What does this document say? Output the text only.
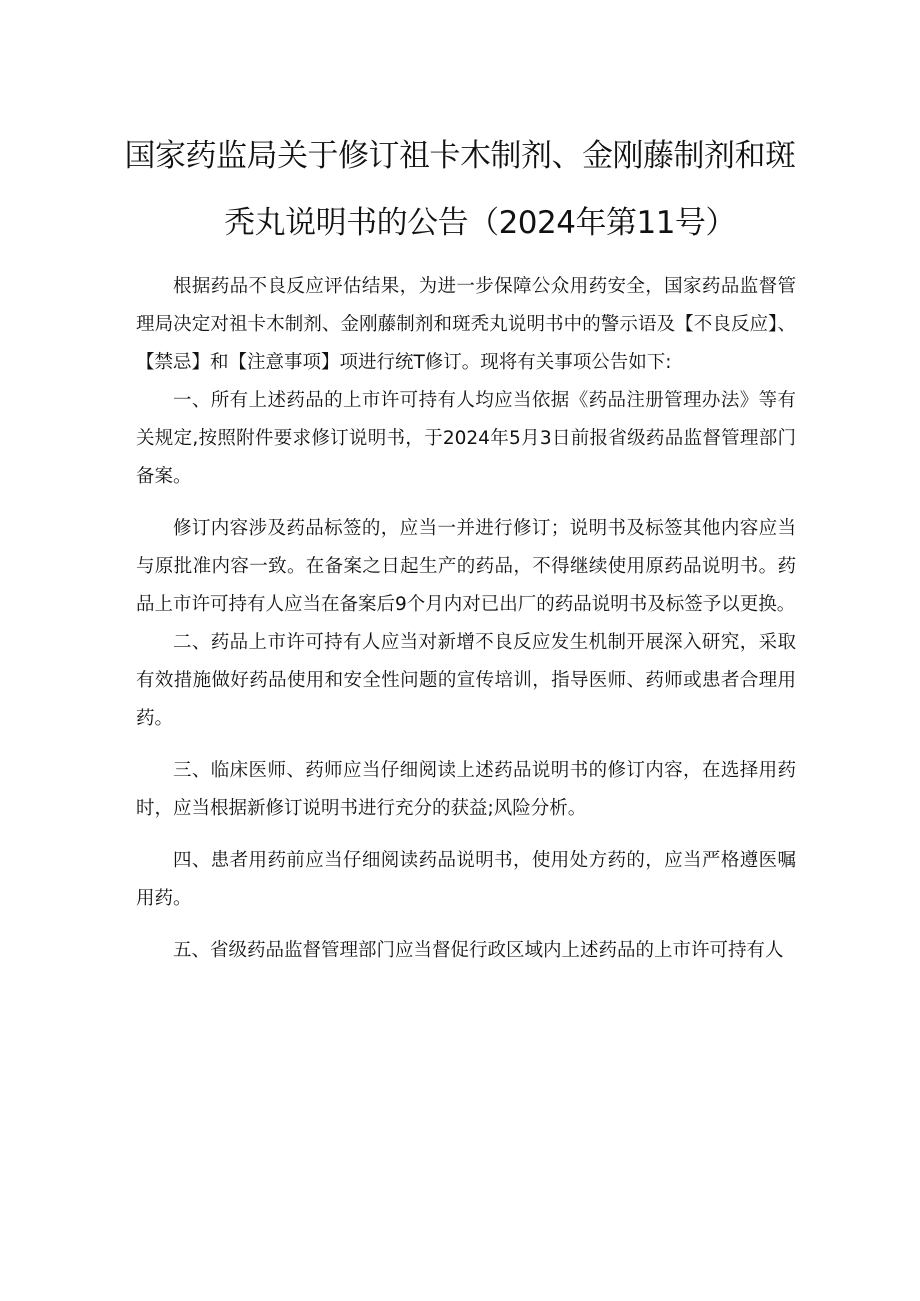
国家药监局关于修订祖卡木制剂、金刚藤制剂和斑
秃丸说明书的公告（2024年第11号）

根据药品不良反应评估结果，为进一步保障公众用药安全，国家药品监督管理局决定对祖卡木制剂、金刚藤制剂和斑秃丸说明书中的警示语及【不良反应】、【禁忌】和【注意事项】项进行统T修订。现将有关事项公告如下:

一、所有上述药品的上市许可持有人均应当依据《药品注册管理办法》等有关规定,按照附件要求修订说明书，于2024年5月3日前报省级药品监督管理部门备案。

修订内容涉及药品标签的，应当一并进行修订；说明书及标签其他内容应当与原批准内容一致。在备案之日起生产的药品，不得继续使用原药品说明书。药品上市许可持有人应当在备案后9个月内对已出厂的药品说明书及标签予以更换。

二、药品上市许可持有人应当对新增不良反应发生机制开展深入研究，采取有效措施做好药品使用和安全性问题的宣传培训，指导医师、药师或患者合理用药。

三、临床医师、药师应当仔细阅读上述药品说明书的修订内容，在选择用药时，应当根据新修订说明书进行充分的获益;风险分析。

四、患者用药前应当仔细阅读药品说明书，使用处方药的，应当严格遵医嘱用药。

五、省级药品监督管理部门应当督促行政区域内上述药品的上市许可持有人
